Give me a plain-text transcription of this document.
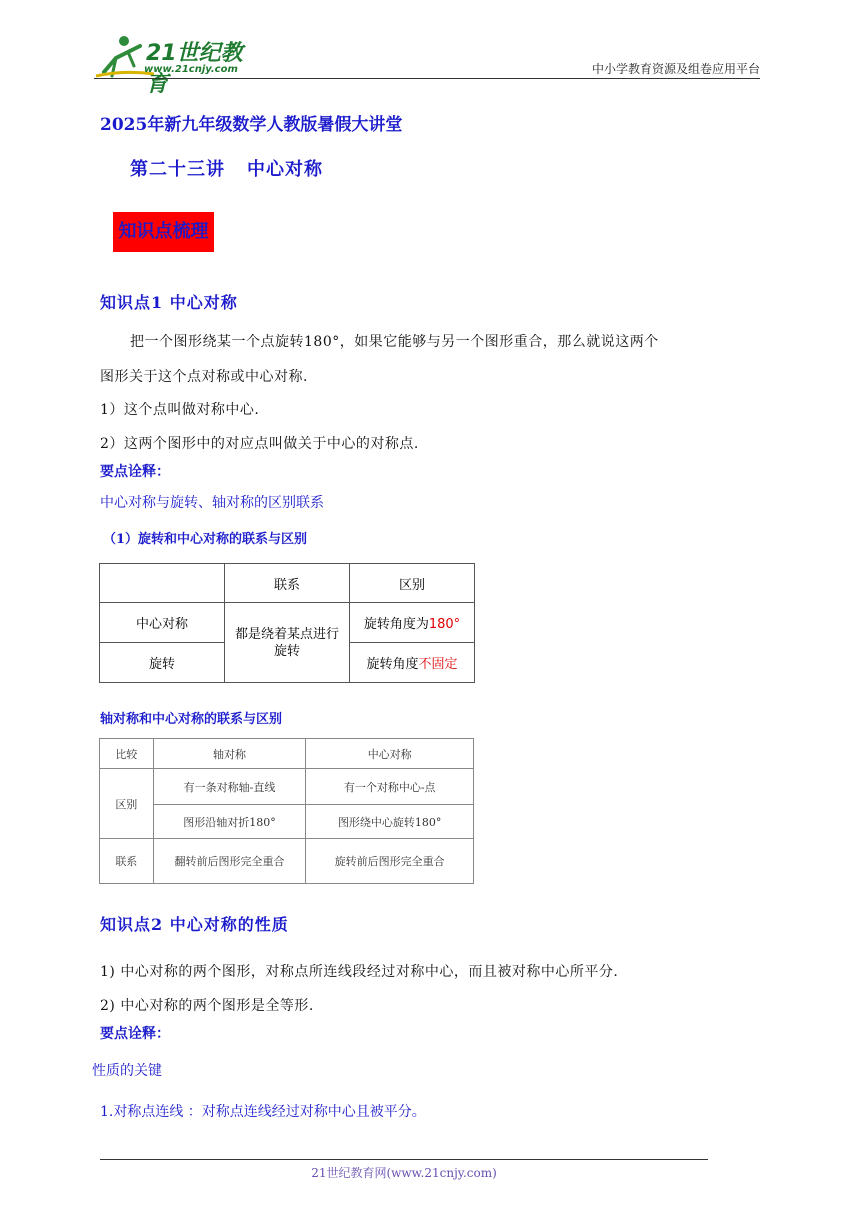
21世纪教育
www.21cnjy.com	中小学教育资源及组卷应用平台
2025年新九年级数学人教版暑假大讲堂
第二十三讲 中心对称
知识点梳理
知识点1 中心对称
把一个图形绕某一个点旋转180°，如果它能够与另一个图形重合，那么就说这两个
图形关于这个点对称或中心对称.
1）这个点叫做对称中心.
2）这两个图形中的对应点叫做关于中心的对称点.
要点诠释：
中心对称与旋转、轴对称的区别联系
（1）旋转和中心对称的联系与区别
	联系	区别
中心对称	都是绕着某点进行旋转	旋转角度为180°
旋转		旋转角度不固定
轴对称和中心对称的联系与区别
比较	轴对称	中心对称
区别	有一条对称轴-直线	有一个对称中心-点
	图形沿轴对折180°	图形绕中心旋转180°
联系	翻转前后图形完全重合	旋转前后图形完全重合
知识点2 中心对称的性质
1) 中心对称的两个图形，对称点所连线段经过对称中心，而且被对称中心所平分.
2) 中心对称的两个图形是全等形.
要点诠释：
性质的关键
1.对称点连线 ：对称点连线经过对称中心且被平分。
21世纪教育网(www.21cnjy.com)
